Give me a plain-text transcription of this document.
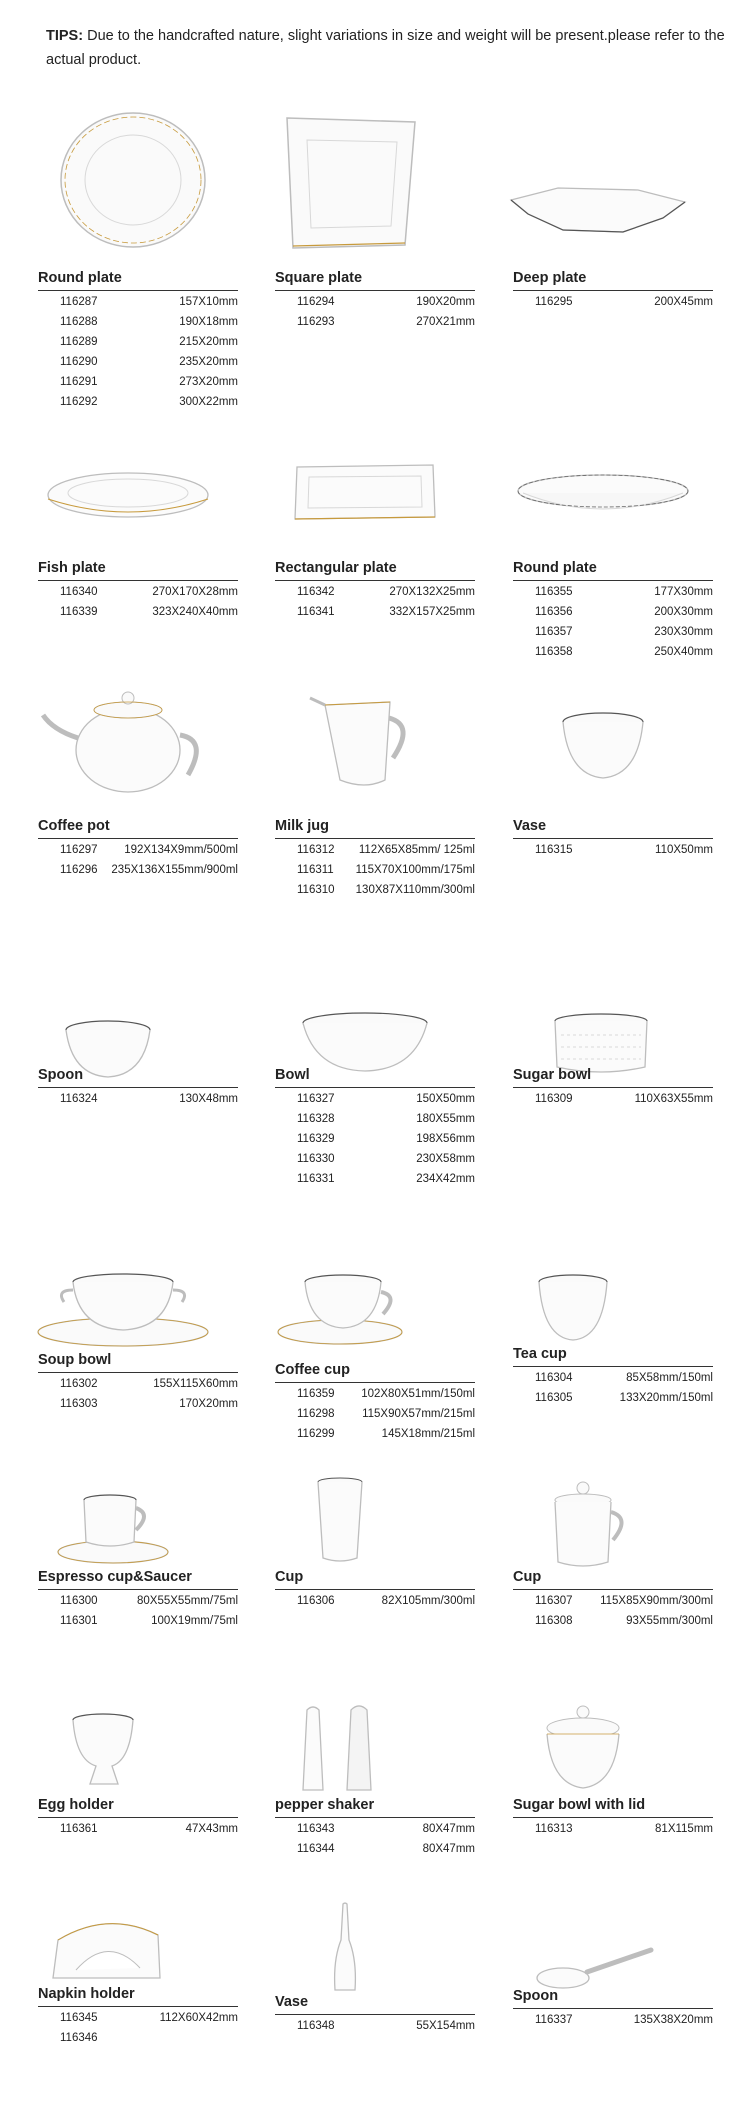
TIPS: Due to the handcrafted nature, slight variations in size and weight will be present.please refer to the actual product.
Round plate
116287	157X10mm
116288	190X18mm
116289	215X20mm
116290	235X20mm
116291	273X20mm
116292	300X22mm
Square plate
116294	190X20mm
116293	270X21mm
Deep plate
116295	200X45mm
Fish plate
116340	270X170X28mm
116339	323X240X40mm
Rectangular plate
116342	270X132X25mm
116341	332X157X25mm
Round plate
116355	177X30mm
116356	200X30mm
116357	230X30mm
116358	250X40mm
Coffee pot
116297 192X134X9mm/500ml
116296 235X136X155mm/900ml
Milk jug
116312 112X65X85mm/ 125ml
116311 115X70X100mm/175ml
116310 130X87X110mm/300ml
Vase
116315	110X50mm
Spoon
116324	130X48mm
Bowl
116327	150X50mm
116328	180X55mm
116329	198X56mm
116330	230X58mm
116331	234X42mm
Sugar bowl
116309	110X63X55mm
Soup bowl
116302	155X115X60mm
116303	170X20mm
Coffee cup
116359 102X80X51mm/150ml
116298 115X90X57mm/215ml
116299	145X18mm/215ml
Tea cup
116304	85X58mm/150ml
116305	133X20mm/150ml
Espresso cup&Saucer
116300	80X55X55mm/75ml
116301	100X19mm/75ml
Cup
116306	82X105mm/300ml
Cup
116307 115X85X90mm/300ml
116308	93X55mm/300ml
Egg holder
116361	47X43mm
pepper shaker
116343	80X47mm
116344	80X47mm
Sugar bowl with lid
116313	81X115mm
Napkin holder
116345	112X60X42mm
116346
Vase
116348	55X154mm
Spoon
116337	135X38X20mm
